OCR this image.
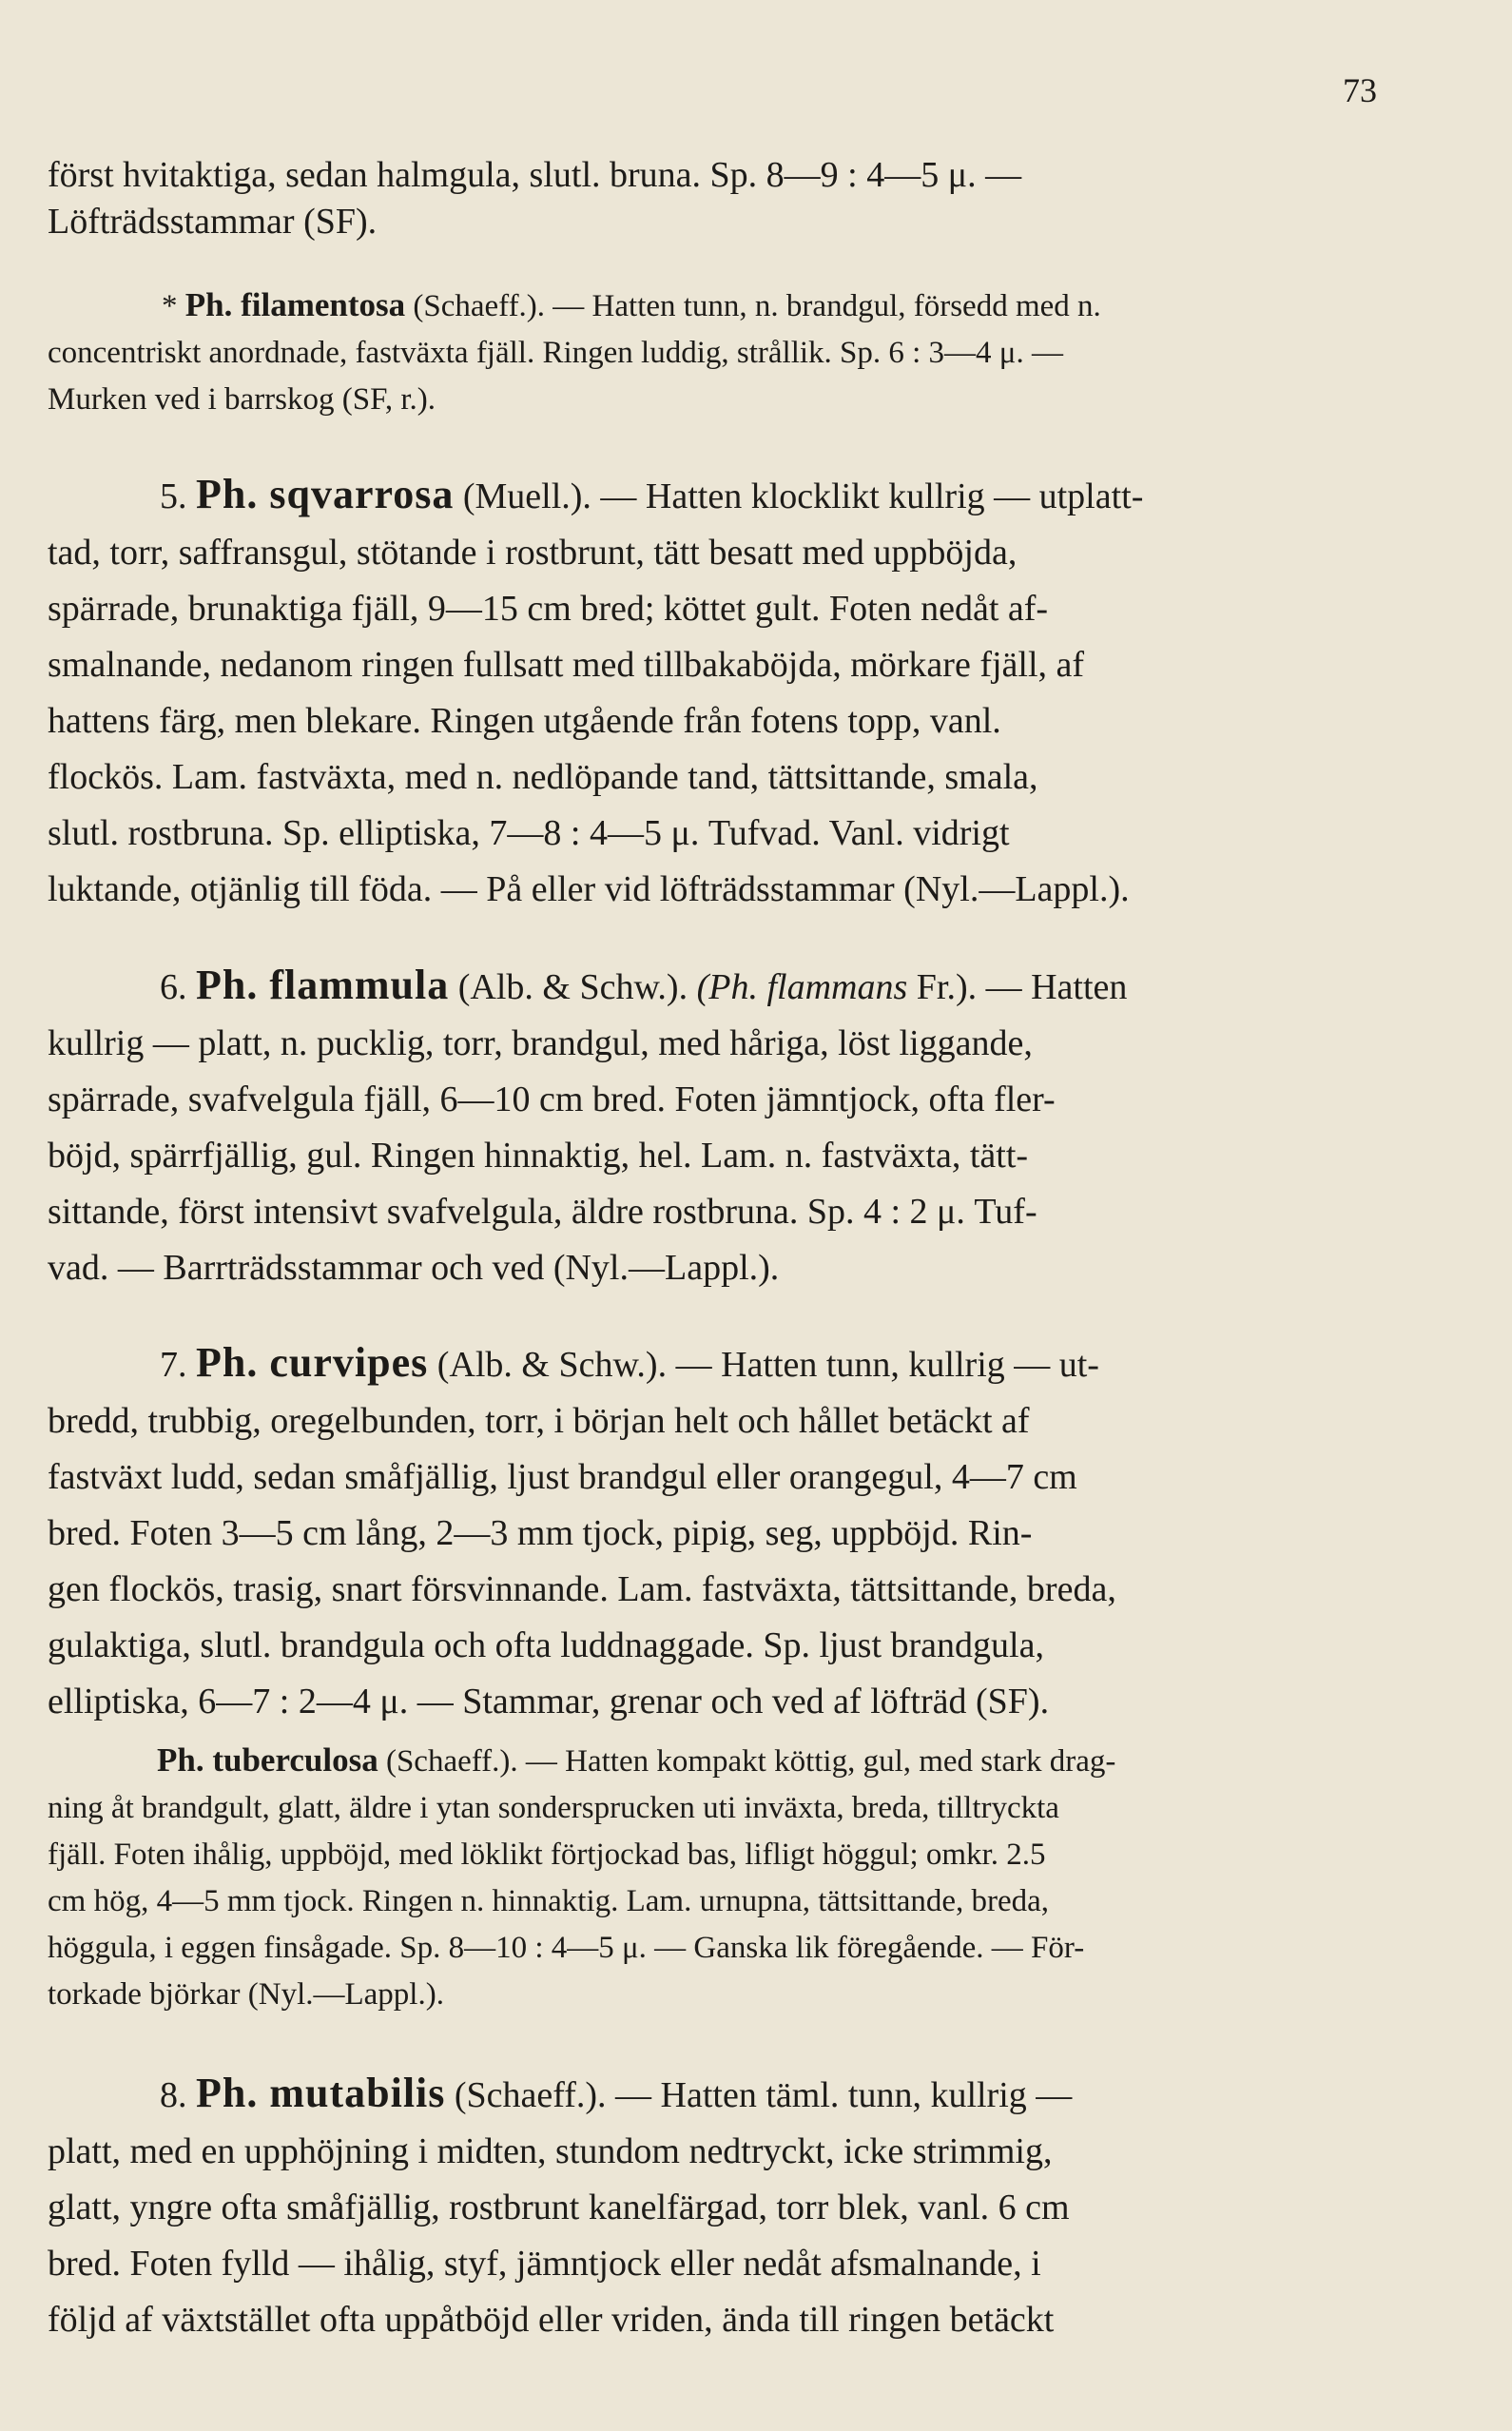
73
först hvitaktiga, sedan halmgula, slutl. bruna. Sp. 8—9 : 4—5 μ. —
Löfträdsstammar (SF).
* Ph. filamentosa (Schaeff.). — Hatten tunn, n. brandgul, försedd med n.
concentriskt anordnade, fastväxta fjäll. Ringen luddig, strållik. Sp. 6 : 3—4 μ. —
Murken ved i barrskog (SF, r.).
5. Ph. sqvarrosa (Muell.). — Hatten klocklikt kullrig — utplatt-
tad, torr, saffransgul, stötande i rostbrunt, tätt besatt med uppböjda,
spärrade, brunaktiga fjäll, 9—15 cm bred; köttet gult. Foten nedåt af-
smalnande, nedanom ringen fullsatt med tillbakaböjda, mörkare fjäll, af
hattens färg, men blekare. Ringen utgående från fotens topp, vanl.
flockös. Lam. fastväxta, med n. nedlöpande tand, tättsittande, smala,
slutl. rostbruna. Sp. elliptiska, 7—8 : 4—5 μ. Tufvad. Vanl. vidrigt
luktande, otjänlig till föda. — På eller vid löfträdsstammar (Nyl.—Lappl.).
6. Ph. flammula (Alb. & Schw.). (Ph. flammans Fr.). — Hatten
kullrig — platt, n. pucklig, torr, brandgul, med håriga, löst liggande,
spärrade, svafvelgula fjäll, 6—10 cm bred. Foten jämntjock, ofta fler-
böjd, spärrfjällig, gul. Ringen hinnaktig, hel. Lam. n. fastväxta, tätt-
sittande, först intensivt svafvelgula, äldre rostbruna. Sp. 4 : 2 μ. Tuf-
vad. — Barrträdsstammar och ved (Nyl.—Lappl.).
7. Ph. curvipes (Alb. & Schw.). — Hatten tunn, kullrig — ut-
bredd, trubbig, oregelbunden, torr, i början helt och hållet betäckt af
fastväxt ludd, sedan småfjällig, ljust brandgul eller orangegul, 4—7 cm
bred. Foten 3—5 cm lång, 2—3 mm tjock, pipig, seg, uppböjd. Rin-
gen flockös, trasig, snart försvinnande. Lam. fastväxta, tättsittande, breda,
gulaktiga, slutl. brandgula och ofta luddnaggade. Sp. ljust brandgula,
elliptiska, 6—7 : 2—4 μ. — Stammar, grenar och ved af löfträd (SF).
Ph. tuberculosa (Schaeff.). — Hatten kompakt köttig, gul, med stark drag-
ning åt brandgult, glatt, äldre i ytan sondersprucken uti inväxta, breda, tilltryckta
fjäll. Foten ihålig, uppböjd, med löklikt förtjockad bas, lifligt höggul; omkr. 2.5
cm hög, 4—5 mm tjock. Ringen n. hinnaktig. Lam. urnupna, tättsittande, breda,
höggula, i eggen finsågade. Sp. 8—10 : 4—5 μ. — Ganska lik föregående. — För-
torkade björkar (Nyl.—Lappl.).
8. Ph. mutabilis (Schaeff.). — Hatten täml. tunn, kullrig —
platt, med en upphöjning i midten, stundom nedtryckt, icke strimmig,
glatt, yngre ofta småfjällig, rostbrunt kanelfärgad, torr blek, vanl. 6 cm
bred. Foten fylld — ihålig, styf, jämntjock eller nedåt afsmalnande, i
följd af växtstället ofta uppåtböjd eller vriden, ända till ringen betäckt
